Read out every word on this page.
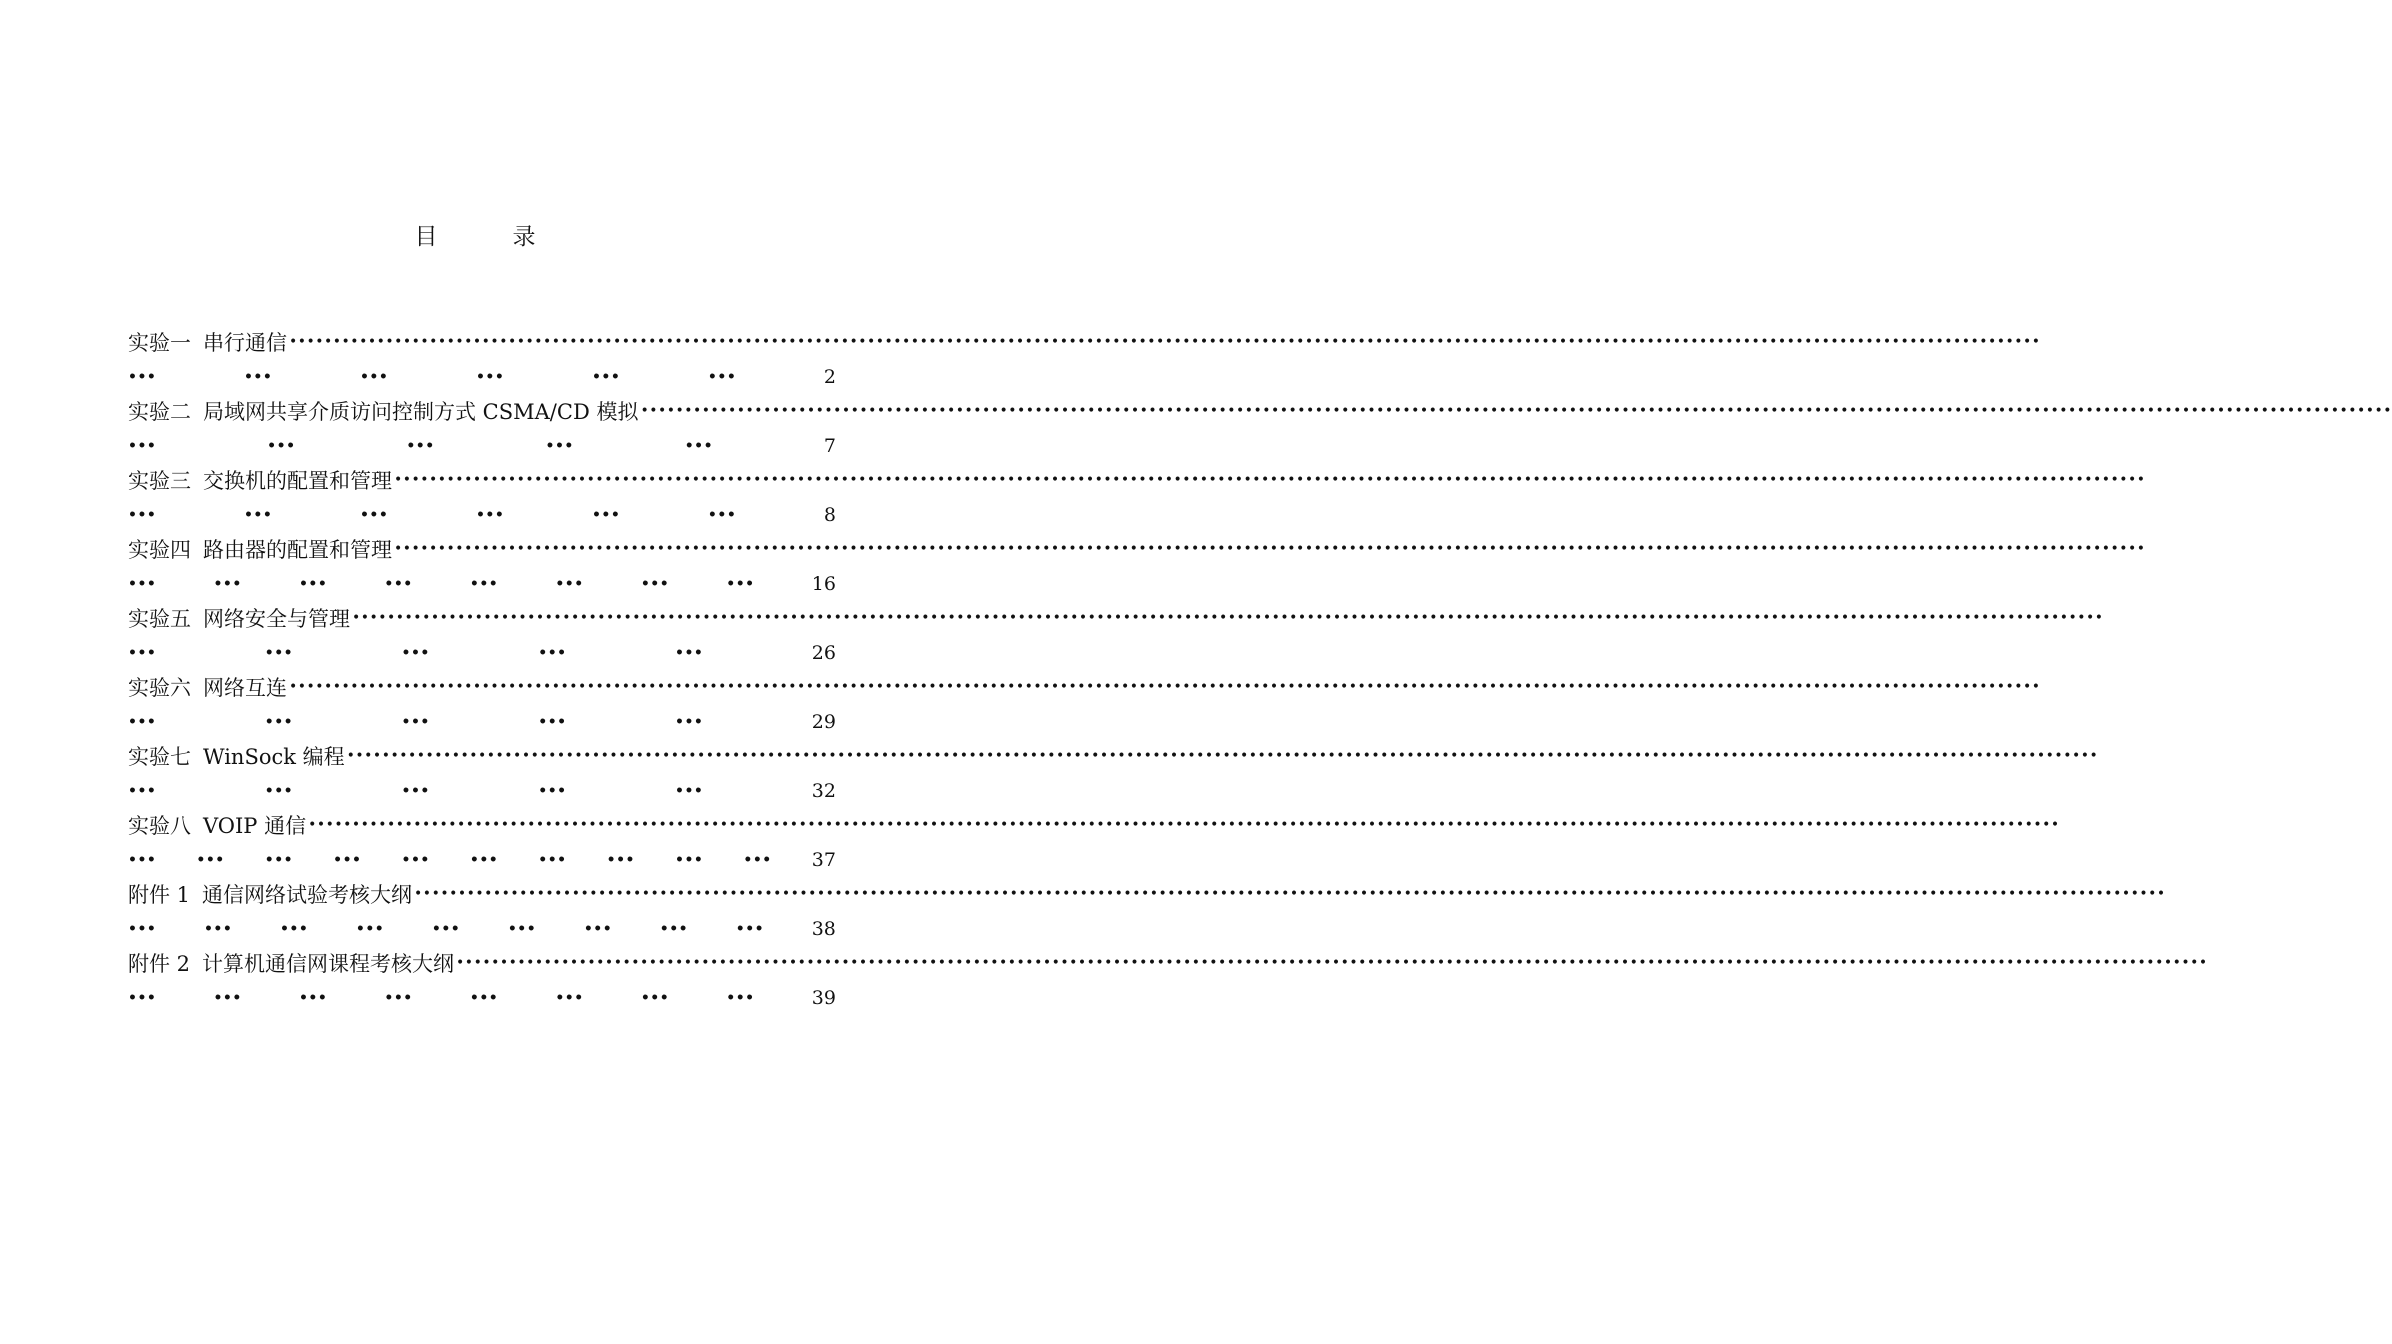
目　录
实验一 串行通信 ••••••••••••••••••••••••••••••••••••••••••••••••••••••••••••••••••••••••••••••••••••••••••••••••••••••••••••••••••••••••••••••••••••••••••••••••••••••••••••••••••••••••••••••••••••••••••••••••••••••••
•••	•••	•••	•••	•••	•••	2
实验二 局域网共享介质访问控制方式 CSMA/CD 模拟 ••••••••••••••••••••••••••••••••••••••••••••••••••••••••••••••••••••••••••••••••••••••••••••••••••••••••••••••••••••••••••••••••••••••••••••••••••••••••••••••••••••••••••••••••••••••••••••••••••••••••
•••	•••	•••	•••	•••	7
实验三 交换机的配置和管理 ••••••••••••••••••••••••••••••••••••••••••••••••••••••••••••••••••••••••••••••••••••••••••••••••••••••••••••••••••••••••••••••••••••••••••••••••••••••••••••••••••••••••••••••••••••••••••••••••••••••••
•••	•••	•••	•••	•••	•••	8
实验四 路由器的配置和管理 ••••••••••••••••••••••••••••••••••••••••••••••••••••••••••••••••••••••••••••••••••••••••••••••••••••••••••••••••••••••••••••••••••••••••••••••••••••••••••••••••••••••••••••••••••••••••••••••••••••••••
•••	•••	•••	•••	•••	•••	•••	•••	16
实验五 网络安全与管理 ••••••••••••••••••••••••••••••••••••••••••••••••••••••••••••••••••••••••••••••••••••••••••••••••••••••••••••••••••••••••••••••••••••••••••••••••••••••••••••••••••••••••••••••••••••••••••••••••••••••••
•••	•••	•••	•••	•••	26
实验六 网络互连 ••••••••••••••••••••••••••••••••••••••••••••••••••••••••••••••••••••••••••••••••••••••••••••••••••••••••••••••••••••••••••••••••••••••••••••••••••••••••••••••••••••••••••••••••••••••••••••••••••••••••
•••	•••	•••	•••	•••	29
实验七 WinSock 编程 ••••••••••••••••••••••••••••••••••••••••••••••••••••••••••••••••••••••••••••••••••••••••••••••••••••••••••••••••••••••••••••••••••••••••••••••••••••••••••••••••••••••••••••••••••••••••••••••••••••••••
•••	•••	•••	•••	•••	32
实验八 VOIP 通信 ••••••••••••••••••••••••••••••••••••••••••••••••••••••••••••••••••••••••••••••••••••••••••••••••••••••••••••••••••••••••••••••••••••••••••••••••••••••••••••••••••••••••••••••••••••••••••••••••••••••••
•••	•••	•••	•••	•••	•••	•••	•••	•••	••• 37
附件 1 通信网络试验考核大纲 ••••••••••••••••••••••••••••••••••••••••••••••••••••••••••••••••••••••••••••••••••••••••••••••••••••••••••••••••••••••••••••••••••••••••••••••••••••••••••••••••••••••••••••••••••••••••••••••••••••••••
•••	•••	•••	•••	•••	•••	•••	•••	•••	38
附件 2 计算机通信网课程考核大纲 ••••••••••••••••••••••••••••••••••••••••••••••••••••••••••••••••••••••••••••••••••••••••••••••••••••••••••••••••••••••••••••••••••••••••••••••••••••••••••••••••••••••••••••••••••••••••••••••••••••••••
•••	•••	•••	•••	•••	•••	•••	•••	39
